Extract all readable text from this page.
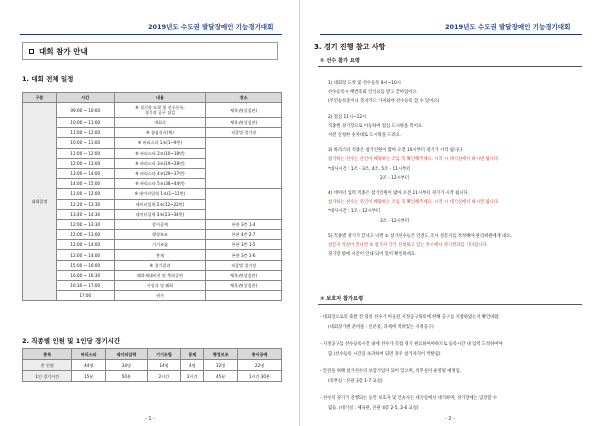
2019년도 수도권 발달장애인 기능경기대회
대회 참가 안내
1. 대회 전체 일정
구분	시간	내용	장소
대회일정	09:00 ~ 10:00	※ 경기장 도착 및 선수등록,
경기장 공구 점검	체육관(상설관)
	10:00 ~ 11:00	개회식	체육관(상설관)
	11:00 ~ 12:00	※ 점심식사(체)	직종별 경기장
	10:00 ~ 11:00	※ 바리스타 1조(1~9번)	
	11:00 ~ 12:00	※ 바리스타 2조(10~18번)	
	12:00 ~ 13:00	※ 바리스타 3조(19~28번)	
	13:00 ~ 14:00	※ 바리스타 4조(29~37번)	
	14:00 ~ 15:00	※ 바리스타 5조(38~44번)	
	11:00 ~ 12:00	※ 데이터입력 1조(1~11번)	
	12:20 ~ 13:30	데이터입력 2조(12~22번)	
	13:40 ~ 14:30	데이터입력 3조(23~34번)	
	12:00 ~ 13:30	종이공예	본관 3층 1-4
	12:00 ~ 13:00	행정보조	본관 4층 2-7
	12:00 ~ 14:00	기기조립	본관 3층 1-5
	12:00 ~ 14:00	봉제	본관 3층 1-6
	15:00 ~ 16:00	※ 경기결과	직종별 경기장
	16:00 ~ 16:30	폐과제대비선 및 축하공연	체육관(상설관)
	16:30 ~ 17:00	시상식 및 폐회	체육관(상설관)
	17:00	귀가	
2. 직종별 인원 및 1인당 경기시간
종목	바리스타	데이터입력	기기조립	봉제	행정보조	종이공예
총 인원	44명	34명	14명	4명	32명	22명
1인 경기시간	15분	50분	2시간	2시간	45분	1시간 30분
- 1 -
2019년도 수도권 발달장애인 기능경기대회
3. 경기 진행 참고 사항
① 선수 참가 요령
1) 대회장 도착 및 선수등록 9시~10시
선수등록시 배번호와 인식표를 받고 끝아입어요.
(주민등록증이나 복지카드 가져와야 선수등록 할 수 있어요)
2) 점심 11시~12시
직종별 경기장으로 이동하여 점심 도시락을 먹어요.
사전 신청한 숫자대로 도시락을 드려요.
3) 바리스타 직종은 참가인원이 많아 오전 10시부터 경기가 시작 됩니다.
참가하는 선수는 본인이 해당하는 조를 꼭 확인해주세요. 시작 시 대기실에서 하시면 됩니다.
*대사시간 : 1조 - 3조, 4조, 5조 - 11시부터
2조 - 12시부터
4) 데이터 입력 직종은 참가인원이 많아 오전 11시부터 경기가 시작 됩니다.
참가하는 선수는 본인이 해당하는 조를 꼭 확인해주세요. 시작 시 대기실에서 하시면 됩니다.
*대사시간 : 1조 - 12시부터
3조 - 12시부터
5) 직종별 경기가 끝나고 나면 ① 참가선수들은 안전도 조사 설문지를 작성해야 관리위원에게 내요.
설문지 작성이 끝나면 ② 참가자 각각 신청하고 있는 부스에서 경기결과를 기다립니다.
경기장 밖에 시간이 안내 되어 있어 확인하세요.
② 보호자 참가요령
- 대회장으로의 출발 전 형의 선수가 아동된 지정공구목록에 한해 공구를 지참하였는지 확인바람.
(대회장가별 준비물 : 신분증, 과제에 적혀있는 지정공구)
- 지정공구를 선수등록시간 내에 선수가 직접 경기 편료하여야하므로 등록시간 내 입력 도착하여야
함.(선수등록 시간을 초과하여 되면 경우 참가자격이 박탈됨)
- 안전을 위해 참가선수의 보험가입이 되어 있으며, 의무실이 운영될 예정임.
(의무실 : 본관 3층 1-7 교실)
- 선수의 경기가 진행되는 동안 보호자 및 인솔자는 대기실에서 대기하며, 경기장에는 입장할 수
없음. (대기실 : 체육관, 본관 4층 2-5, 2-6 교실)
- 2 -
